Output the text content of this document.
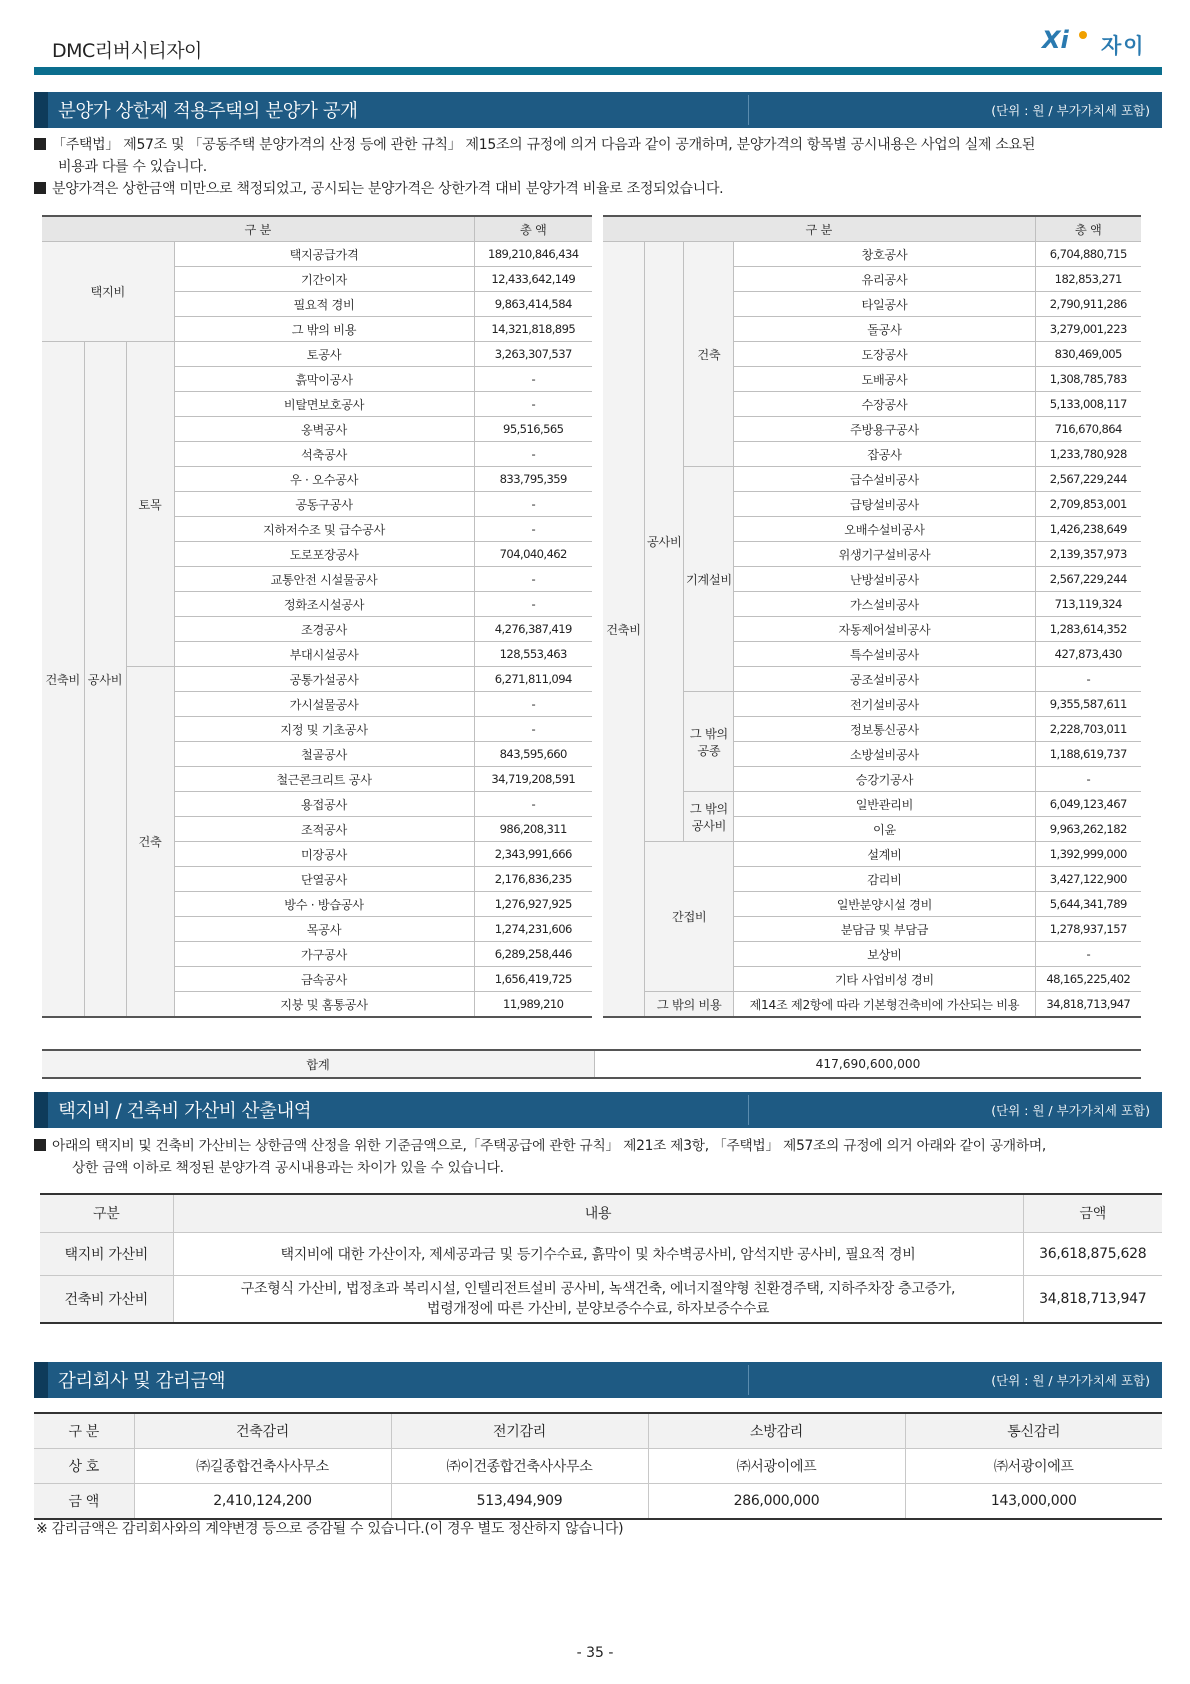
DMC리버시티자이	Xi 자이
분양가 상한제 적용주택의 분양가 공개	(단위 : 원 / 부가가치세 포함)
「주택법」 제57조 및 「공동주택 분양가격의 산정 등에 관한 규칙」 제15조의 규정에 의거 다음과 같이 공개하며, 분양가격의 항목별 공시내용은 사업의 실제 소요된
비용과 다를 수 있습니다.
분양가격은 상한금액 미만으로 책정되었고, 공시되는 분양가격은 상한가격 대비 분양가격 비율로 조정되었습니다.
구 분				총 액
택지비			택지공급가격	189,210,846,434
			기간이자	12,433,642,149
			필요적 경비	9,863,414,584
			그 밖의 비용	14,321,818,895
건축비	공사비	토목	토공사	3,263,307,537
			흙막이공사	-
			비탈면보호공사	-
			옹벽공사	95,516,565
			석축공사	-
			우 · 오수공사	833,795,359
			공동구공사	-
			지하저수조 및 급수공사	-
			도로포장공사	704,040,462
			교통안전 시설물공사	-
			정화조시설공사	-
			조경공사	4,276,387,419
			부대시설공사	128,553,463
		건축	공통가설공사	6,271,811,094
			가시설물공사	-
			지정 및 기초공사	-
			철골공사	843,595,660
			철근콘크리트 공사	34,719,208,591
			용접공사	-
			조적공사	986,208,311
			미장공사	2,343,991,666
			단열공사	2,176,836,235
			방수 · 방습공사	1,276,927,925
			목공사	1,274,231,606
			가구공사	6,289,258,446
			금속공사	1,656,419,725
			지붕 및 홈통공사	11,989,210
구 분				총 액
건축비	공사비	건축	창호공사	6,704,880,715
			유리공사	182,853,271
			타일공사	2,790,911,286
			돌공사	3,279,001,223
			도장공사	830,469,005
			도배공사	1,308,785,783
			수장공사	5,133,008,117
			주방용구공사	716,670,864
			잡공사	1,233,780,928
		기계설비	급수설비공사	2,567,229,244
			급탕설비공사	2,709,853,001
			오배수설비공사	1,426,238,649
			위생기구설비공사	2,139,357,973
			난방설비공사	2,567,229,244
			가스설비공사	713,119,324
			자동제어설비공사	1,283,614,352
			특수설비공사	427,873,430
			공조설비공사	-
		그 밖의 공종	전기설비공사	9,355,587,611
			정보통신공사	2,228,703,011
			소방설비공사	1,188,619,737
			승강기공사	-
		그 밖의 공사비	일반관리비	6,049,123,467
			이윤	9,963,262,182
	간접비		설계비	1,392,999,000
			감리비	3,427,122,900
			일반분양시설 경비	5,644,341,789
			분담금 및 부담금	1,278,937,157
			보상비	-
			기타 사업비성 경비	48,165,225,402
	그 밖의 비용		제14조 제2항에 따라 기본형건축비에 가산되는 비용	34,818,713,947
합계	417,690,600,000
택지비 / 건축비 가산비 산출내역	(단위 : 원 / 부가가치세 포함)
아래의 택지비 및 건축비 가산비는 상한금액 산정을 위한 기준금액으로,「주택공급에 관한 규칙」 제21조 제3항, 「주택법」 제57조의 규정에 의거 아래와 같이 공개하며,
상한 금액 이하로 책정된 분양가격 공시내용과는 차이가 있을 수 있습니다.
구분	내용	금액
택지비 가산비	택지비에 대한 가산이자, 제세공과금 및 등기수수료, 흙막이 및 차수벽공사비, 암석지반 공사비, 필요적 경비	36,618,875,628
건축비 가산비	구조형식 가산비, 법정초과 복리시설, 인텔리전트설비 공사비, 녹색건축, 에너지절약형 친환경주택, 지하주차장 층고증가,
법령개정에 따른 가산비, 분양보증수수료, 하자보증수수료	34,818,713,947
감리회사 및 감리금액	(단위 : 원 / 부가가치세 포함)
구 분	건축감리	전기감리	소방감리	통신감리
상 호	㈜길종합건축사사무소	㈜이건종합건축사사무소	㈜서광이에프	㈜서광이에프
금 액	2,410,124,200	513,494,909	286,000,000	143,000,000
※ 감리금액은 감리회사와의 계약변경 등으로 증감될 수 있습니다.(이 경우 별도 정산하지 않습니다)
- 35 -
